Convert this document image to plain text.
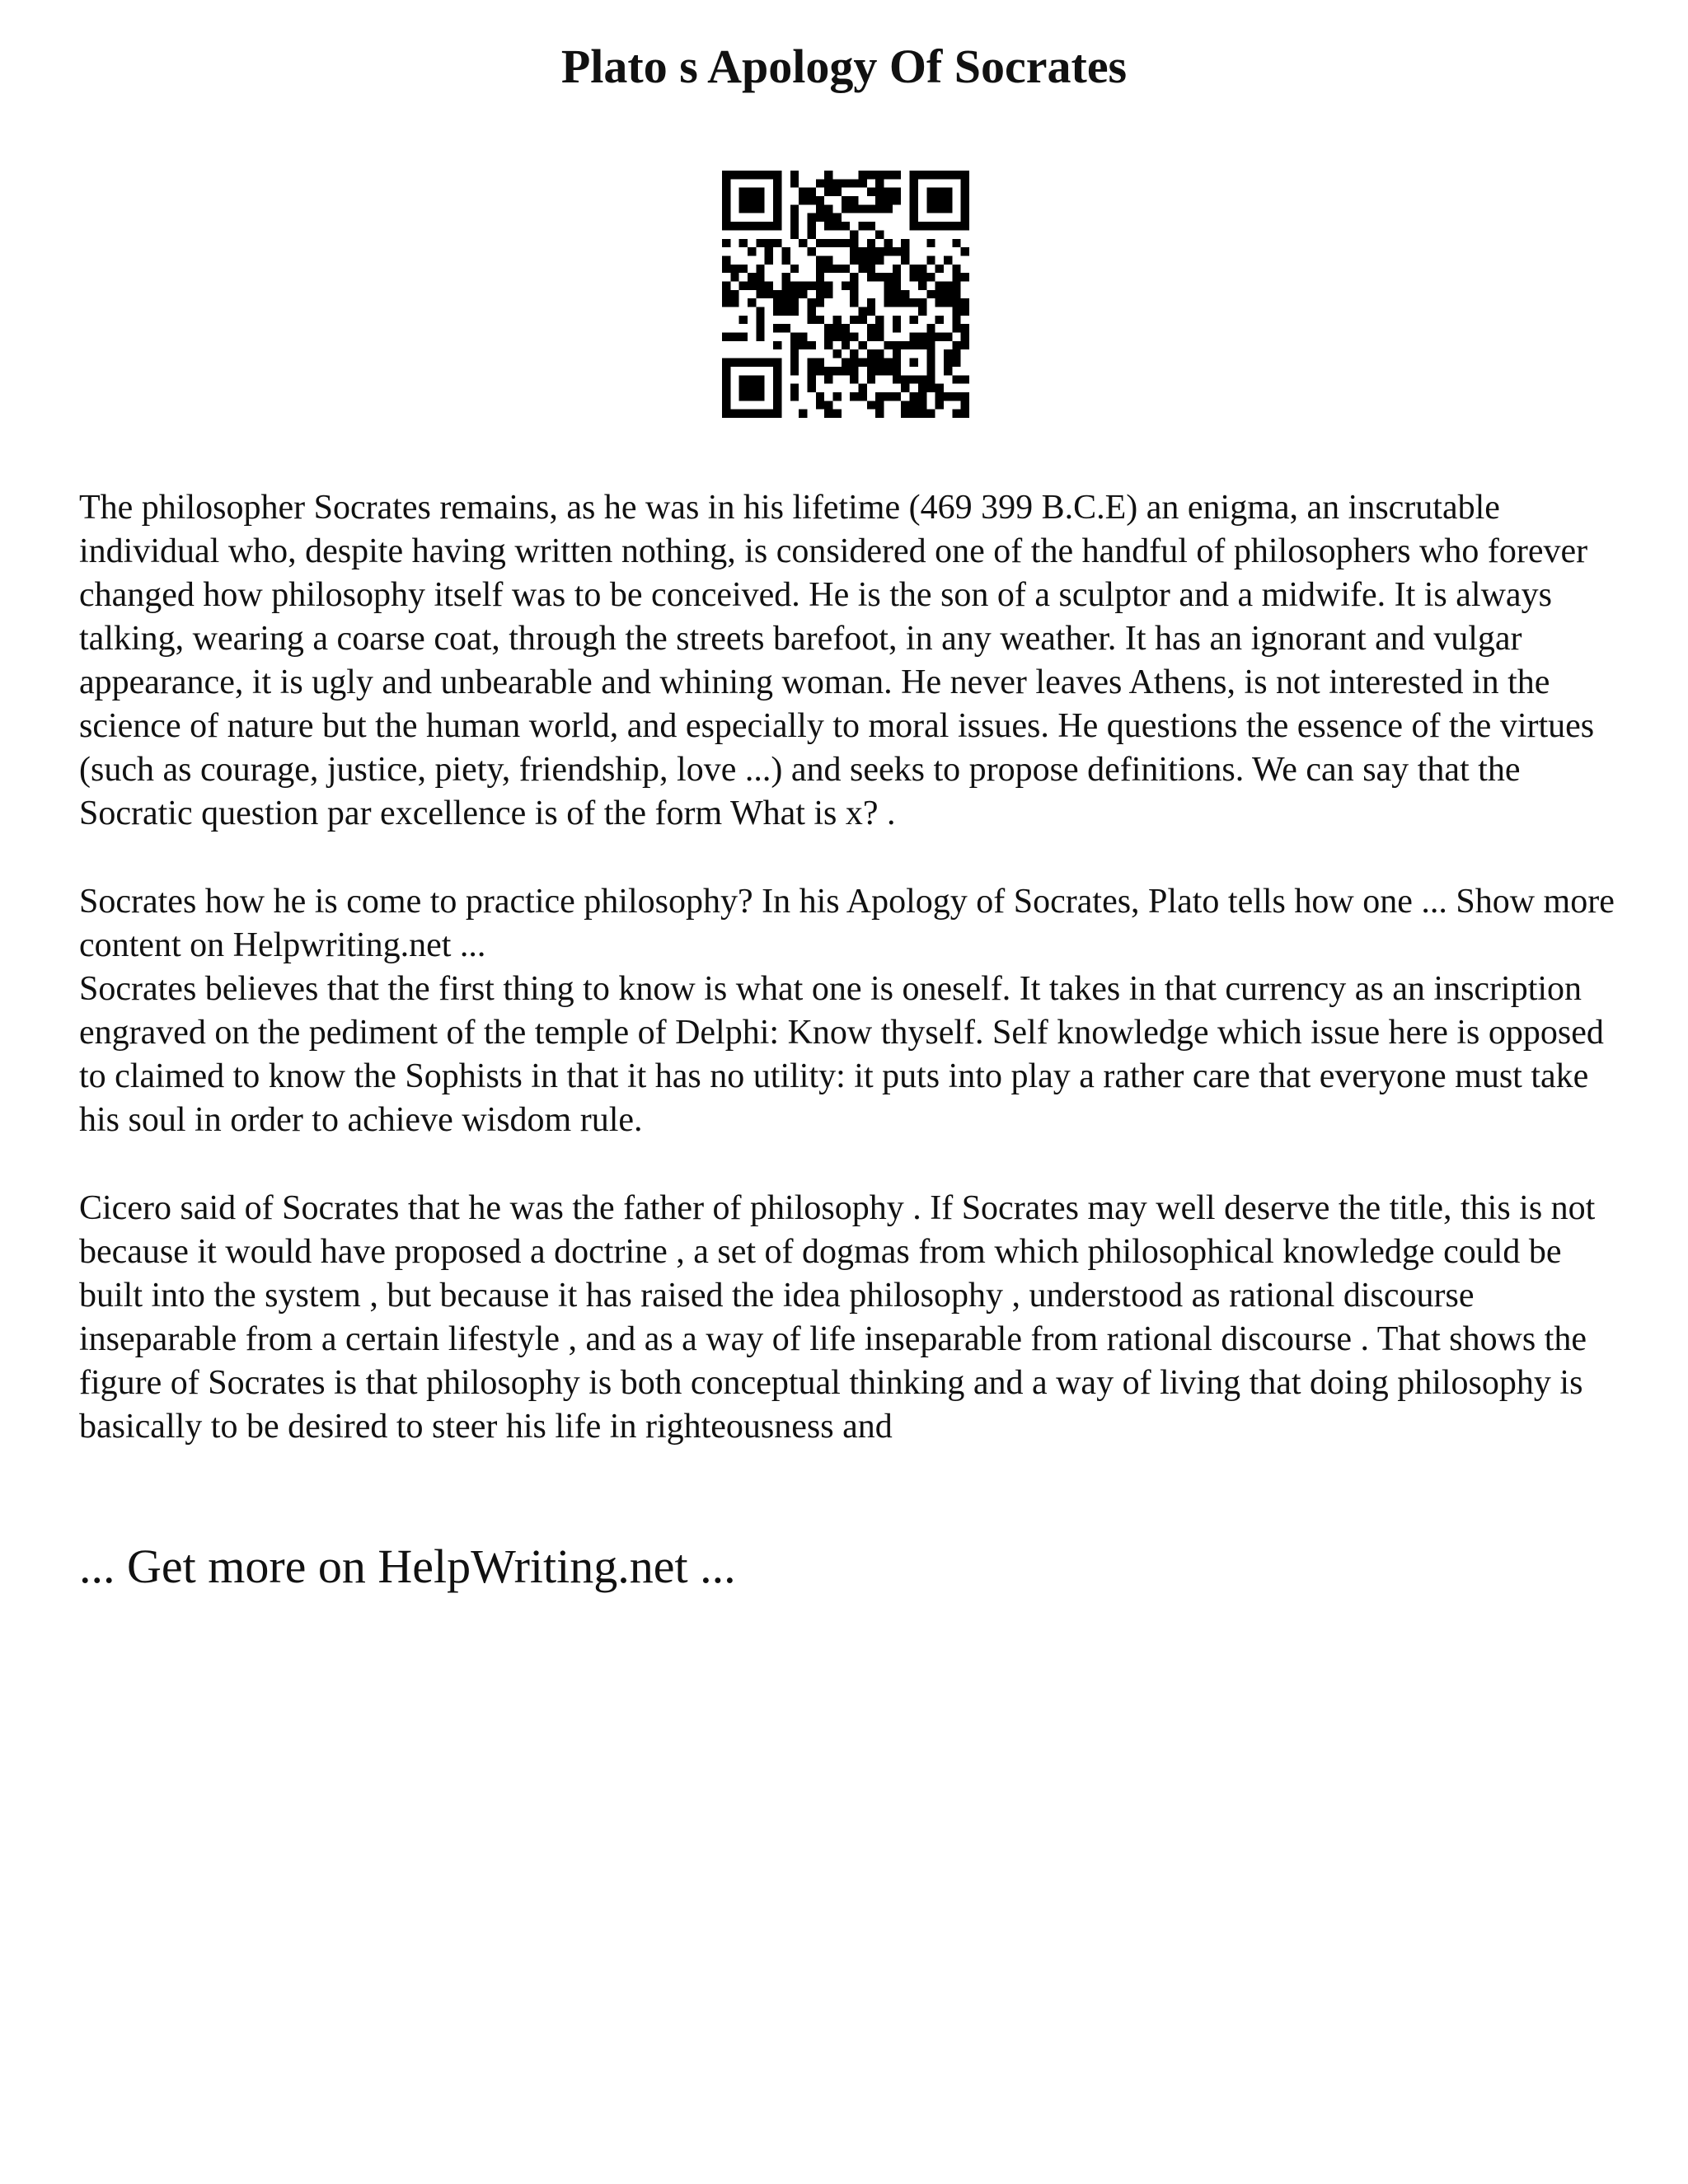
Plato s Apology Of Socrates

The philosopher Socrates remains, as he was in his lifetime (469 399 B.C.E) an enigma, an inscrutable individual who, despite having written nothing, is considered one of the handful of philosophers who forever changed how philosophy itself was to be conceived. He is the son of a sculptor and a midwife. It is always talking, wearing a coarse coat, through the streets barefoot, in any weather. It has an ignorant and vulgar appearance, it is ugly and unbearable and whining woman. He never leaves Athens, is not interested in the science of nature but the human world, and especially to moral issues. He questions the essence of the virtues (such as courage, justice, piety, friendship, love ...) and seeks to propose definitions. We can say that the Socratic question par excellence is of the form What is x? .

Socrates how he is come to practice philosophy? In his Apology of Socrates, Plato tells how one ... Show more content on Helpwriting.net ...

Socrates believes that the first thing to know is what one is oneself. It takes in that currency as an inscription engraved on the pediment of the temple of Delphi: Know thyself. Self knowledge which issue here is opposed to claimed to know the Sophists in that it has no utility: it puts into play a rather care that everyone must take his soul in order to achieve wisdom rule.

Cicero said of Socrates that he was the father of philosophy . If Socrates may well deserve the title, this is not because it would have proposed a doctrine , a set of dogmas from which philosophical knowledge could be built into the system , but because it has raised the idea philosophy , understood as rational discourse inseparable from a certain lifestyle , and as a way of life inseparable from rational discourse . That shows the figure of Socrates is that philosophy is both conceptual thinking and a way of living that doing philosophy is basically to be desired to steer his life in righteousness and

... Get more on HelpWriting.net ...
